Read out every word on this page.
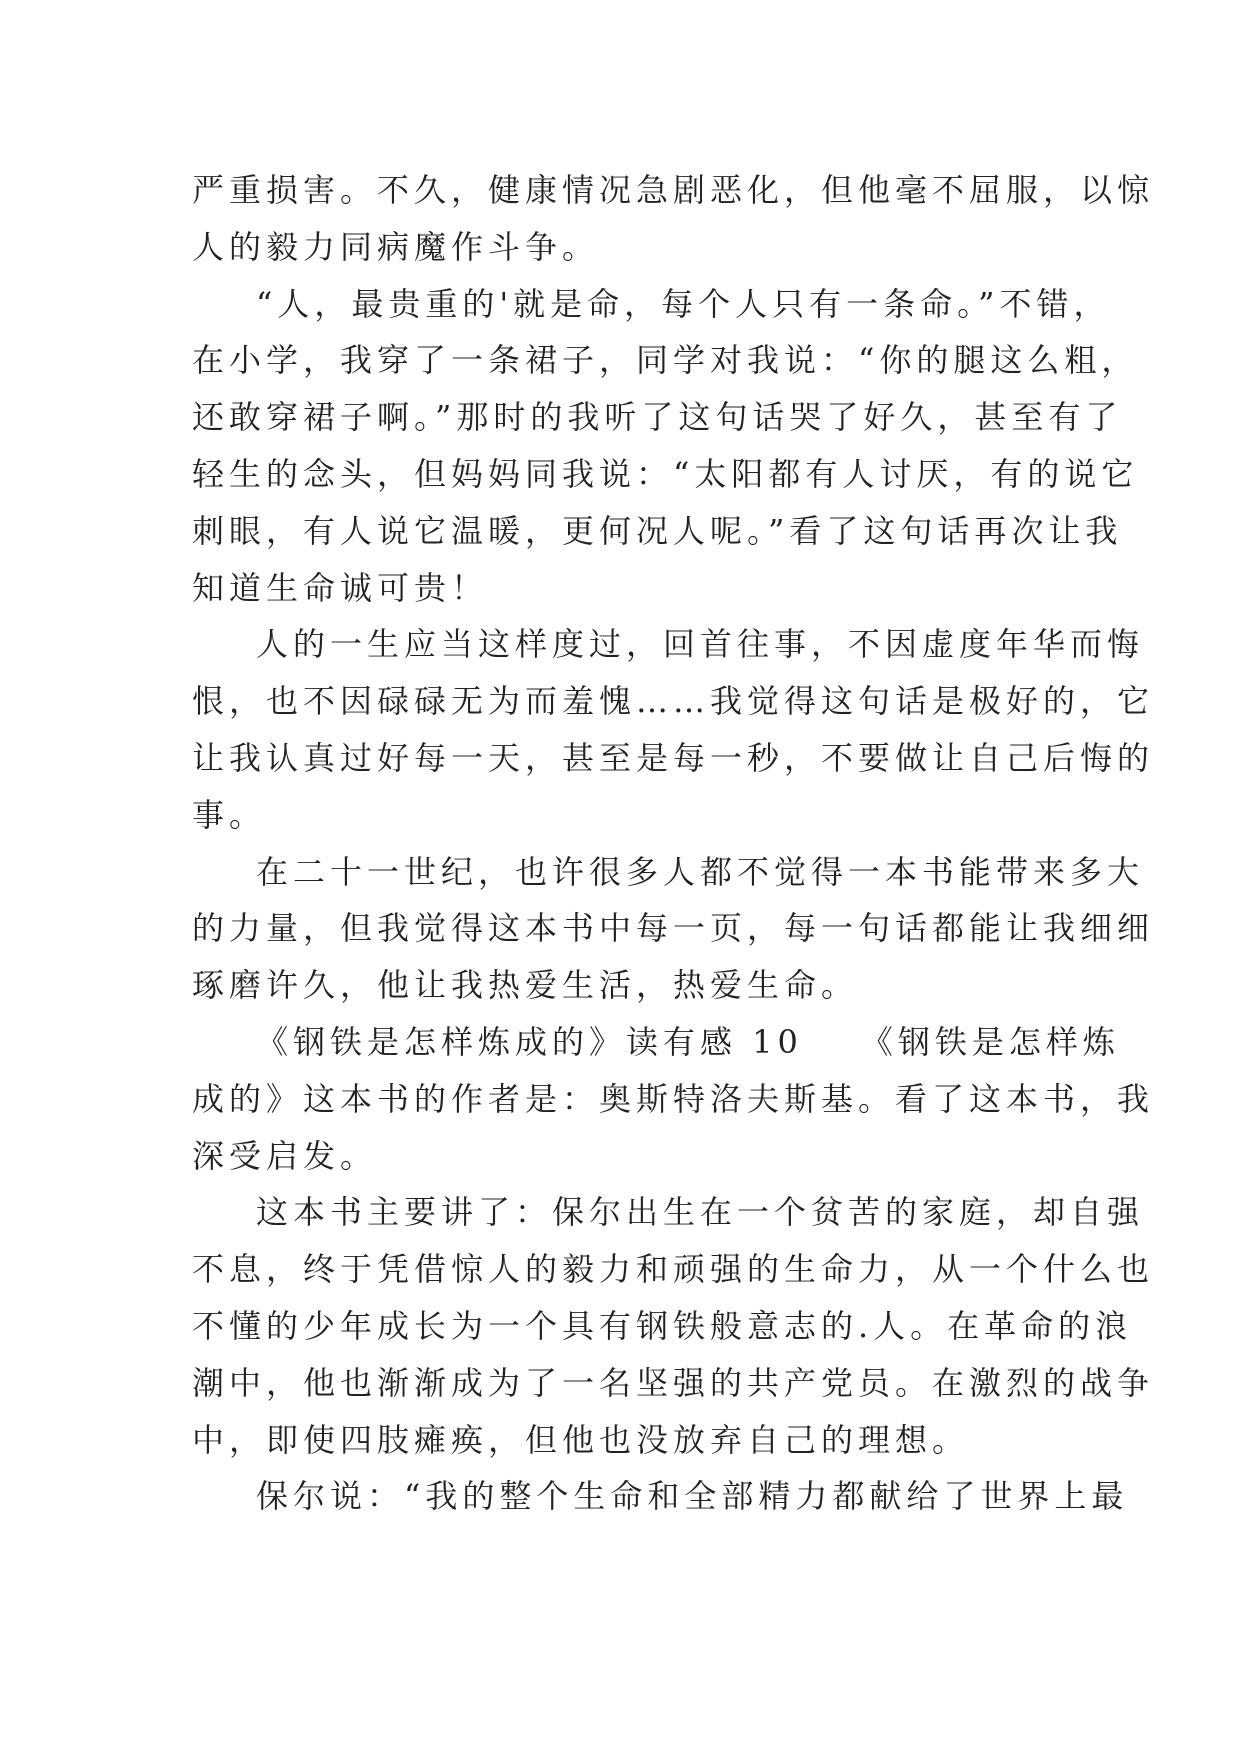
严重损害。不久，健康情况急剧恶化，但他毫不屈服，以惊
人的毅力同病魔作斗争。
“人，最贵重的'就是命，每个人只有一条命。”不错，
在小学，我穿了一条裙子，同学对我说：“你的腿这么粗，
还敢穿裙子啊。”那时的我听了这句话哭了好久，甚至有了
轻生的念头，但妈妈同我说：“太阳都有人讨厌，有的说它
刺眼，有人说它温暖，更何况人呢。”看了这句话再次让我
知道生命诚可贵！
人的一生应当这样度过，回首往事，不因虚度年华而悔
恨，也不因碌碌无为而羞愧……我觉得这句话是极好的，它
让我认真过好每一天，甚至是每一秒，不要做让自己后悔的
事。
在二十一世纪，也许很多人都不觉得一本书能带来多大
的力量，但我觉得这本书中每一页，每一句话都能让我细细
琢磨许久，他让我热爱生活，热爱生命。
《钢铁是怎样炼成的》读有感 10　　《钢铁是怎样炼
成的》这本书的作者是：奥斯特洛夫斯基。看了这本书，我
深受启发。
这本书主要讲了：保尔出生在一个贫苦的家庭，却自强
不息，终于凭借惊人的毅力和顽强的生命力，从一个什么也
不懂的少年成长为一个具有钢铁般意志的.人。在革命的浪
潮中，他也渐渐成为了一名坚强的共产党员。在激烈的战争
中，即使四肢瘫痪，但他也没放弃自己的理想。
保尔说：“我的整个生命和全部精力都献给了世界上最
